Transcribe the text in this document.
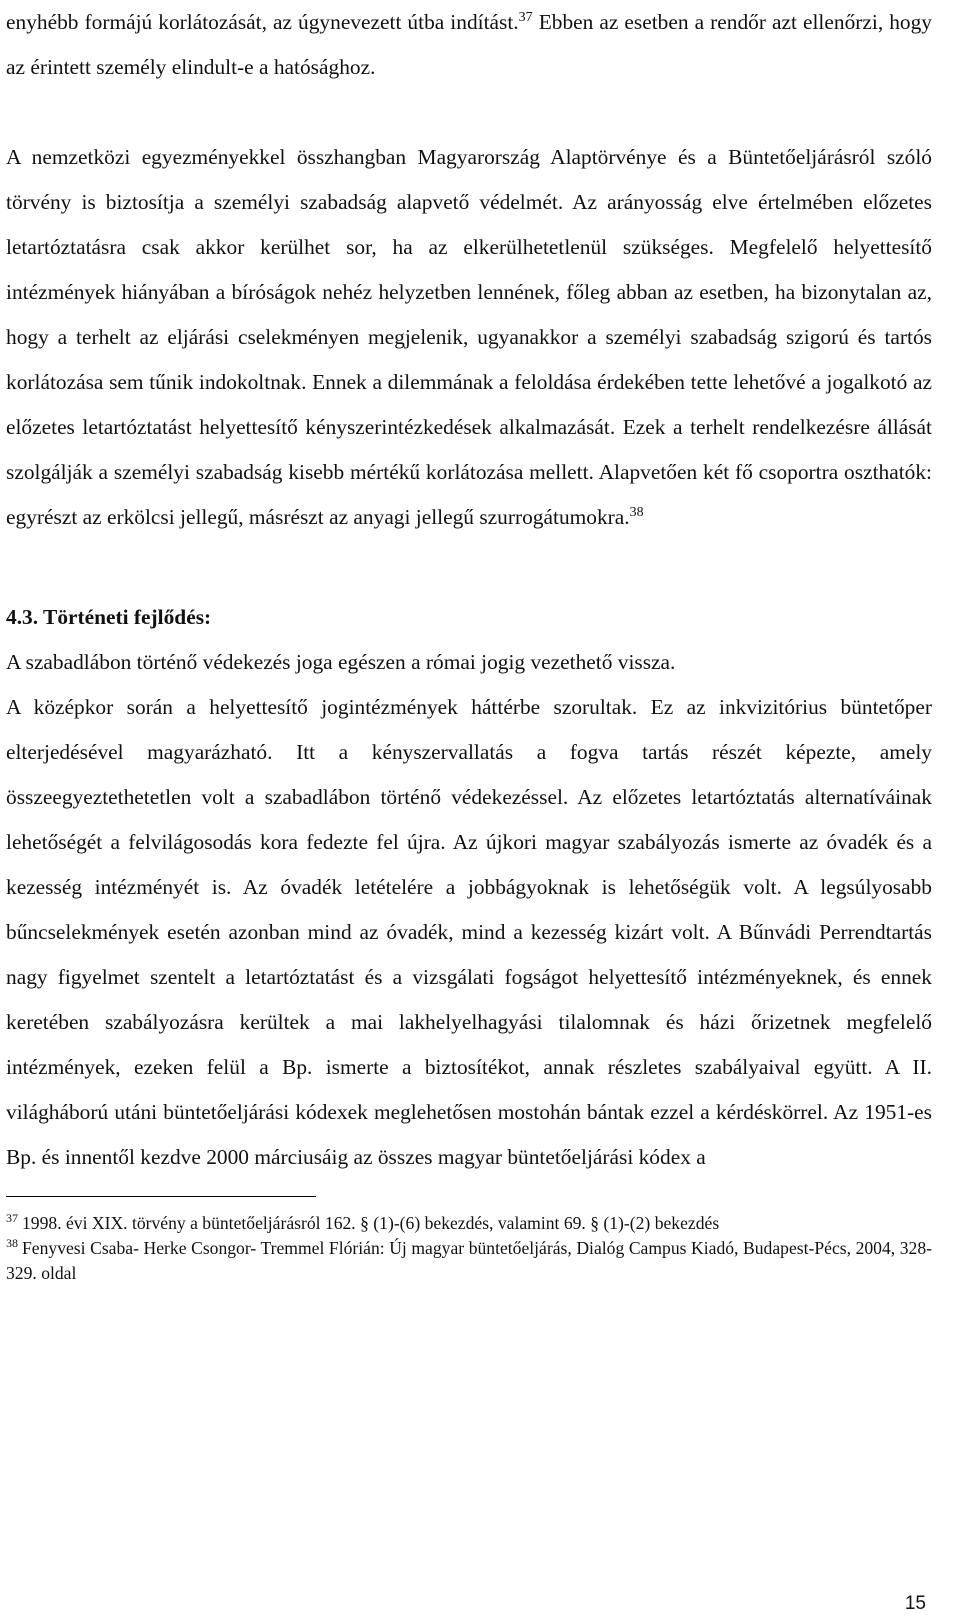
enyhébb formájú korlátozását, az úgynevezett útba indítást.$^{37}$ Ebben az esetben a rendőr azt ellenőrzi, hogy az érintett személy elindult-e a hatósághoz.

A nemzetközi egyezményekkel összhangban Magyarország Alaptörvénye és a Büntetőeljárásról szóló törvény is biztosítja a személyi szabadság alapvető védelmét. Az arányosság elve értelmében előzetes letartóztatásra csak akkor kerülhet sor, ha az elkerülhetetlenül szükséges. Megfelelő helyettesítő intézmények hiányában a bíróságok nehéz helyzetben lennének, főleg abban az esetben, ha bizonytalan az, hogy a terhelt az eljárási cselekményen megjelenik, ugyanakkor a személyi szabadság szigorú és tartós korlátozása sem tűnik indokoltnak. Ennek a dilemmának a feloldása érdekében tette lehetővé a jogalkotó az előzetes letartóztatást helyettesítő kényszerintézkedések alkalmazását. Ezek a terhelt rendelkezésre állását szolgálják a személyi szabadság kisebb mértékű korlátozása mellett. Alapvetően két fő csoportra oszthatók: egyrészt az erkölcsi jellegű, másrészt az anyagi jellegű szurrogátumokra.$^{38}$

4.3. Történeti fejlődés:

A szabadlábon történő védekezés joga egészen a római jogig vezethető vissza.

A középkor során a helyettesítő jogintézmények háttérbe szorultak. Ez az inkvizitórius büntetőper elterjedésével magyarázható. Itt a kényszervallatás a fogva tartás részét képezte, amely összeegyeztethetetlen volt a szabadlábon történő védekezéssel. Az előzetes letartóztatás alternatíváinak lehetőségét a felvilágosodás kora fedezte fel újra. Az újkori magyar szabályozás ismerte az óvadék és a kezesség intézményét is. Az óvadék letételére a jobbágyoknak is lehetőségük volt. A legsúlyosabb bűncselekmények esetén azonban mind az óvadék, mind a kezesség kizárt volt. A Bűnvádi Perrendtartás nagy figyelmet szentelt a letartóztatást és a vizsgálati fogságot helyettesítő intézményeknek, és ennek keretében szabályozásra kerültek a mai lakhelyelhagyási tilalomnak és házi őrizetnek megfelelő intézmények, ezeken felül a Bp. ismerte a biztosítékot, annak részletes szabályaival együtt. A II. világháború utáni büntetőeljárási kódexek meglehetősen mostohán bántak ezzel a kérdéskörrel. Az 1951-es Bp. és innentől kezdve 2000 márciusáig az összes magyar büntetőeljárási kódex a

$^{37}$ 1998. évi XIX. törvény a büntetőeljárásról 162. § (1)-(6) bekezdés, valamint 69. § (1)-(2) bekezdés

$^{38}$ Fenyvesi Csaba- Herke Csongor- Tremmel Flórián: Új magyar büntetőeljárás, Dialóg Campus Kiadó, Budapest-Pécs, 2004, 328-329. oldal

15
